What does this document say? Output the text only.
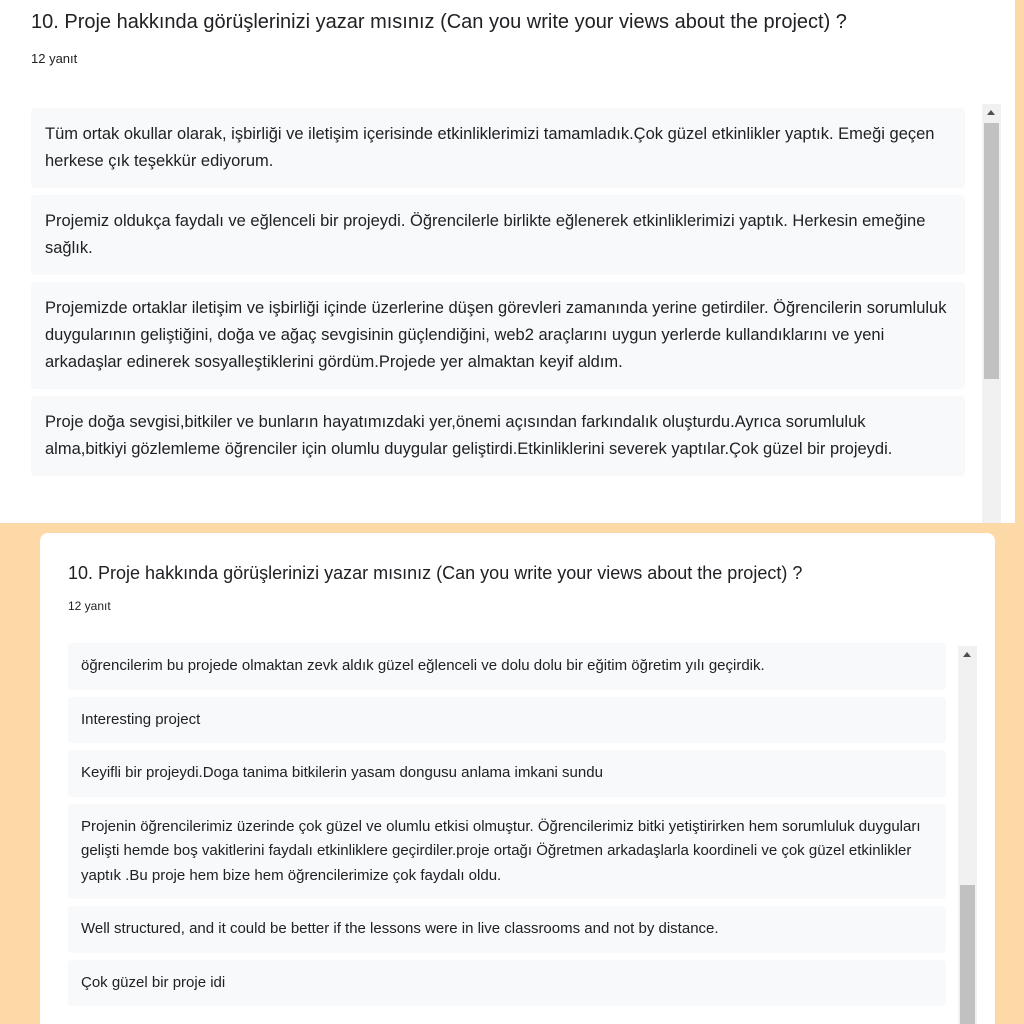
10. Proje hakkında görüşlerinizi yazar mısınız (Can you write your views about the project) ?
12 yanıt
Tüm ortak okullar olarak, işbirliği ve iletişim içerisinde etkinliklerimizi tamamladık.Çok güzel etkinlikler yaptık. Emeği geçen herkese çık teşekkür ediyorum.
Projemiz oldukça faydalı ve eğlenceli bir projeydi. Öğrencilerle birlikte eğlenerek etkinliklerimizi yaptık. Herkesin emeğine sağlık.
Projemizde ortaklar iletişim ve işbirliği içinde üzerlerine düşen görevleri zamanında yerine getirdiler. Öğrencilerin sorumluluk duygularının geliştiğini, doğa ve ağaç sevgisinin güçlendiğini, web2 araçlarını uygun yerlerde kullandıklarını ve yeni arkadaşlar edinerek sosyalleştiklerini gördüm.Projede yer almaktan keyif aldım.
Proje doğa sevgisi,bitkiler ve bunların hayatımızdaki yer,önemi açısından farkındalık oluşturdu.Ayrıca sorumluluk alma,bitkiyi gözlemleme öğrenciler için olumlu duygular geliştirdi.Etkinliklerini severek yaptılar.Çok güzel bir projeydi.
10. Proje hakkında görüşlerinizi yazar mısınız (Can you write your views about the project) ?
12 yanıt
öğrencilerim bu projede olmaktan zevk aldık güzel eğlenceli ve dolu dolu bir eğitim öğretim yılı geçirdik.
Interesting project
Keyifli bir projeydi.Doga tanima bitkilerin yasam dongusu anlama imkani sundu
Projenin öğrencilerimiz üzerinde çok güzel ve olumlu etkisi olmuştur. Öğrencilerimiz bitki yetiştirirken hem sorumluluk duyguları gelişti hemde boş vakitlerini faydalı etkinliklere geçirdiler.proje ortağı Öğretmen arkadaşlarla koordineli ve çok güzel etkinlikler yaptık .Bu proje hem bize hem öğrencilerimize çok faydalı oldu.
Well structured, and it could be better if the lessons were in live classrooms and not by distance.
Çok güzel bir proje idi
